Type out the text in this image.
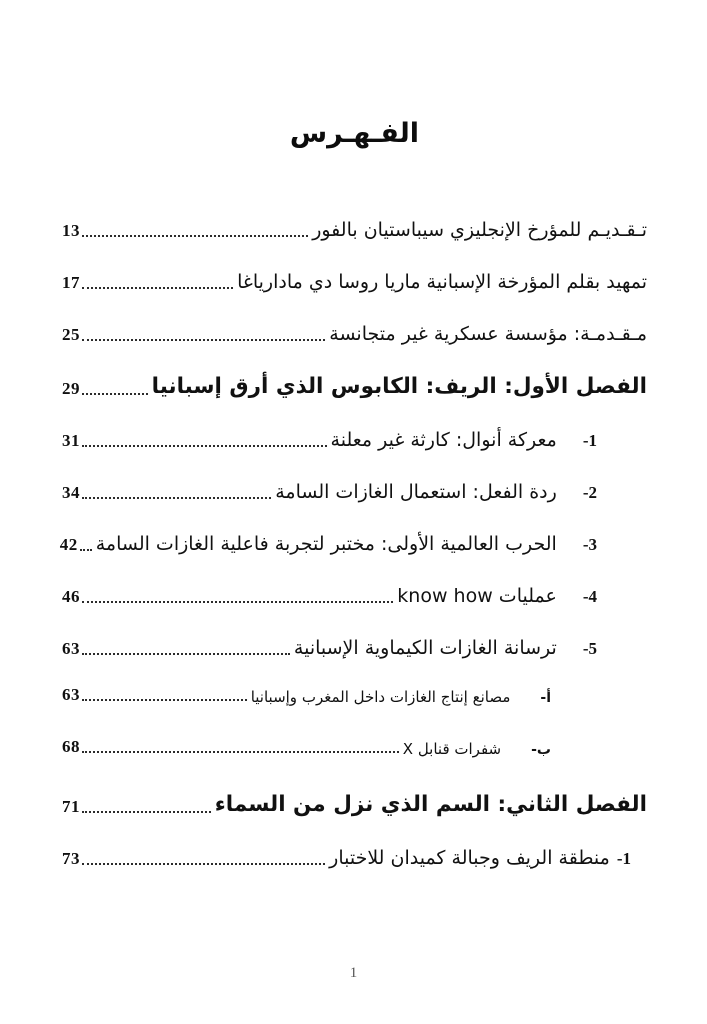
الفـهـرس
تـقـديـم للمؤرخ الإنجليزي سيباستيان بالفور
13
تمهيد بقلم المؤرخة الإسبانية ماريا روسا دي مادارياغا
17
مـقـدمـة: مؤسسة عسكرية غير متجانسة
25
الفصل الأول: الريف: الكابوس الذي أرق إسبانيا
29
1-
معركة أنوال: كارثة غير معلنة
31
2-
ردة الفعل: استعمال الغازات السامة
34
3-
الحرب العالمية الأولى: مختبر لتجربة فاعلية الغازات السامة
42
4-
عمليات know how
46
5-
ترسانة الغازات الكيماوية الإسبانية
63
أ-
مصانع إنتاج الغازات داخل المغرب وإسبانيا
63
ب-
شفرات قنابل X
68
الفصل الثاني: السم الذي نزل من السماء
71
1-
منطقة الريف وجبالة كميدان للاختبار
73
1
